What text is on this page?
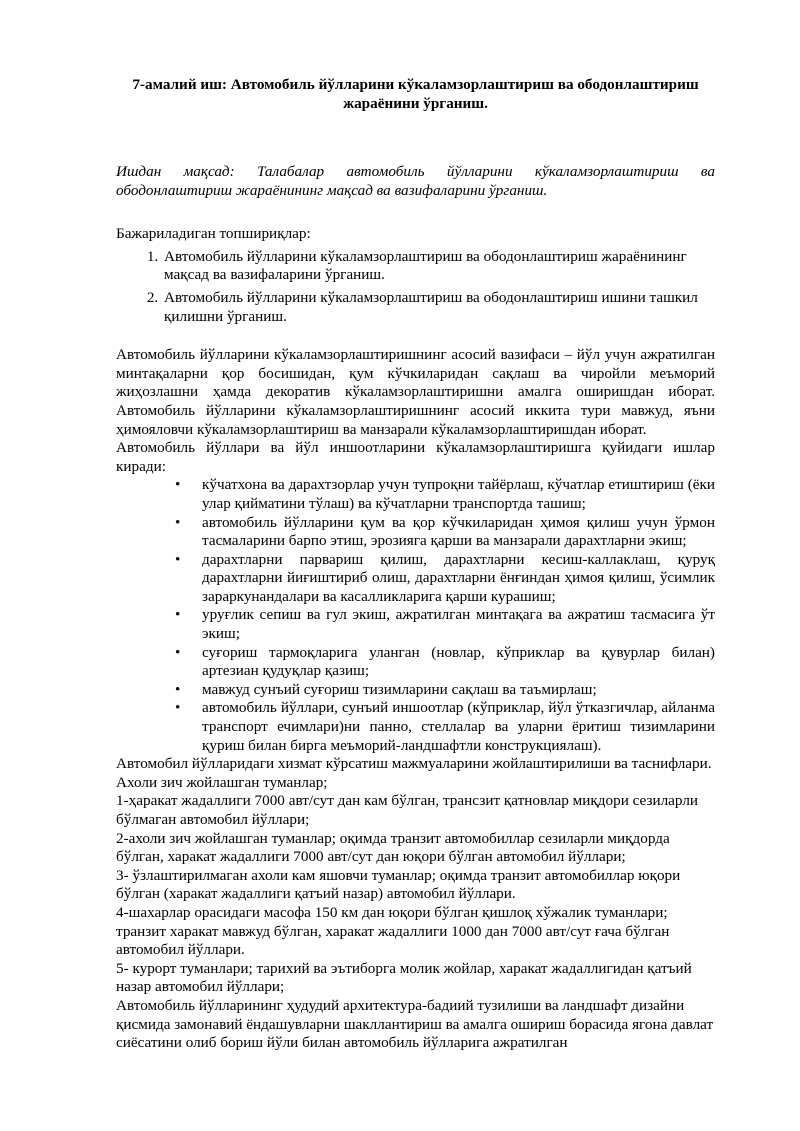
7-амалий иш: Автомобиль йўлларини кўкаламзорлаштириш ва ободонлаштириш жараёнини ўрганиш.

Ишдан мақсад: Талабалар автомобиль йўлларини кўкаламзорлаштириш ва ободонлаштириш жараёнининг мақсад ва вазифаларини ўрганиш.

Бажариладиган топшириқлар:

1. Автомобиль йўлларини кўкаламзорлаштириш ва ободонлаштириш жараёнининг мақсад ва вазифаларини ўрганиш.
2. Автомобиль йўлларини кўкаламзорлаштириш ва ободонлаштириш ишини ташкил қилишни ўрганиш.

Автомобиль йўлларини кўкаламзорлаштиришнинг асосий вазифаси – йўл учун ажратилган минтақаларни қор босишидан, қум кўчкиларидан сақлаш ва чиройли меъморий жиҳозлашни ҳамда декоратив кўкаламзорлаштиришни амалга оширишдан иборат. Автомобиль йўлларини кўкаламзорлаштиришнинг асосий иккита тури мавжуд, яъни ҳимояловчи кўкаламзорлаштириш ва манзарали кўкаламзорлаштиришдан иборат.

Автомобиль йўллари ва йўл иншоотларини кўкаламзорлаштиришга қуйидаги ишлар киради:

• кўчатхона ва дарахтзорлар учун тупроқни тайёрлаш, кўчатлар етиштириш (ёки улар қийматини тўлаш) ва кўчатларни транспортда ташиш;
• автомобиль йўлларини қум ва қор кўчкиларидан ҳимоя қилиш учун ўрмон тасмаларини барпо этиш, эрозияга қарши ва манзарали дарахтларни экиш;
• дарахтларни парвариш қилиш, дарахтларни кесиш-каллаклаш, қуруқ дарахтларни йиғиштириб олиш, дарахтларни ёнғиндан ҳимоя қилиш, ўсимлик зараркунандалари ва касалликларига қарши курашиш;
• уруғлик сепиш ва гул экиш, ажратилган минтақага ва ажратиш тасмасига ўт экиш;
• суғориш тармоқларига уланган (новлар, кўприклар ва қувурлар билан) артезиан қудуқлар қазиш;
• мавжуд сунъий суғориш тизимларини сақлаш ва таъмирлаш;
• автомобиль йўллари, сунъий иншоотлар (кўприклар, йўл ўтказгичлар, айланма транспорт ечимлари)ни панно, стеллалар ва уларни ёритиш тизимларини қуриш билан бирга меъморий-ландшафтли конструкциялаш).

Автомобил йўлларидаги хизмат кўрсатиш мажмуаларини жойлаштирилиши ва таснифлари.

Ахоли зич жойлашган туманлар;

1-ҳаракат жадаллиги 7000 авт/сут дан кам бўлган, трансзит қатновлар миқдори сезиларли бўлмаган автомобил йўллари;

2-ахоли зич жойлашган туманлар; оқимда транзит автомобиллар сезиларли миқдорда бўлган, харакат жадаллиги 7000 авт/сут дан юқори бўлган автомобил йўллари;

3- ўзлаштирилмаган ахоли кам яшовчи туманлар; оқимда транзит автомобиллар юқори бўлган (харакат жадаллиги қатъий назар) автомобил йўллари.

4-шахарлар орасидаги масофа 150 км дан юқори бўлган қишлоқ хўжалик туманлари; транзит харакат мавжуд бўлган, харакат жадаллиги 1000 дан 7000 авт/сут ғача бўлган автомобил йўллари.

5- курорт туманлари; тарихий ва эътиборга молик жойлар, харакат жадаллигидан қатъий назар автомобил йўллари;

Автомобиль йўлларининг ҳудудий архитектура-бадиий тузилиши ва ландшафт дизайни қисмида замонавий ёндашувларни шакллантириш ва амалга ошириш борасида ягона давлат сиёсатини олиб бориш йўли билан автомобиль йўлларига ажратилган
